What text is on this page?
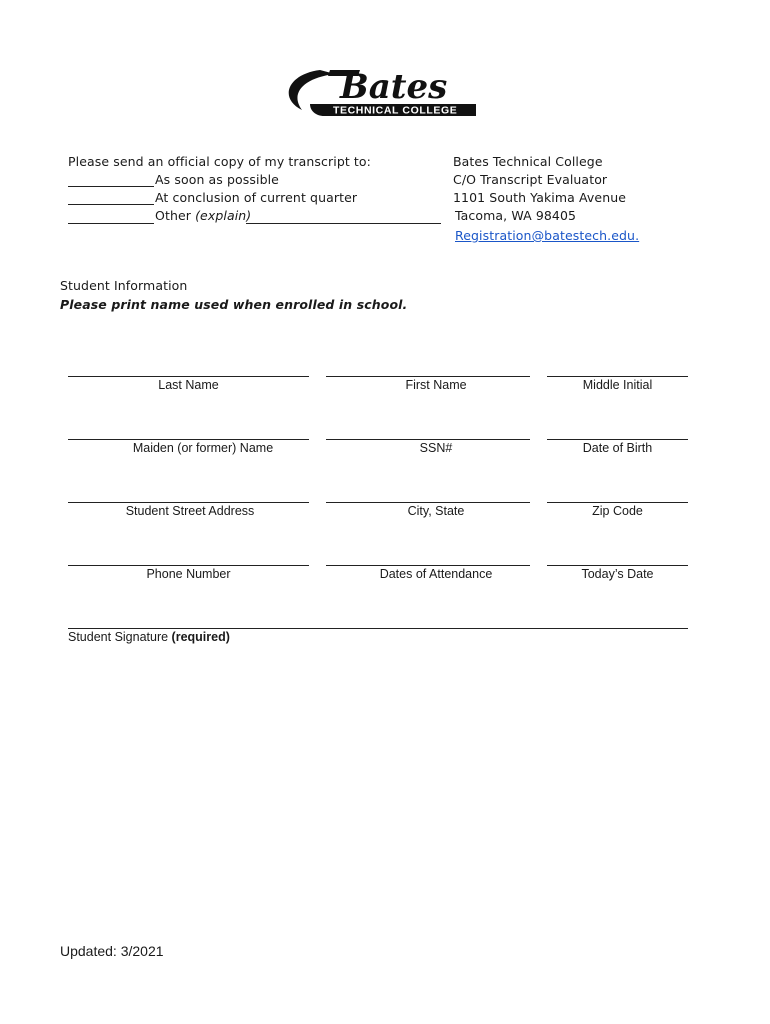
Bates
TECHNICAL COLLEGE
Please send an official copy of my transcript to:
As soon as possible
At conclusion of current quarter
Other (explain)
Bates Technical College
C/O Transcript Evaluator
1101 South Yakima Avenue
Tacoma, WA 98405
Registration@batestech.edu.
Student Information
Please print name used when enrolled in school.
Last Name	First Name	Middle Initial
Maiden (or former) Name	SSN#	Date of Birth
Student Street Address	City, State	Zip Code
Phone Number	Dates of Attendance	Today’s Date
Student Signature (required)
Updated: 3/2021
